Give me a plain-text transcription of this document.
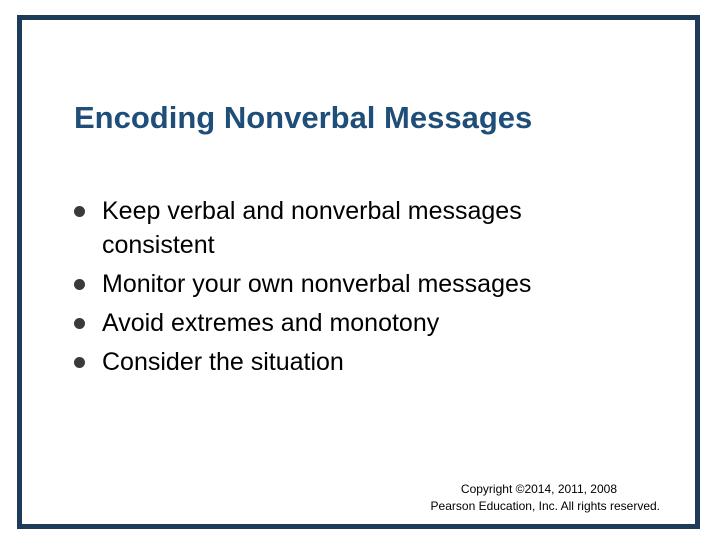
Encoding Nonverbal Messages
Keep verbal and nonverbal messages consistent
Monitor your own nonverbal messages
Avoid extremes and monotony
Consider the situation
Copyright ©2014, 2011, 2008
Pearson Education, Inc. All rights reserved.
